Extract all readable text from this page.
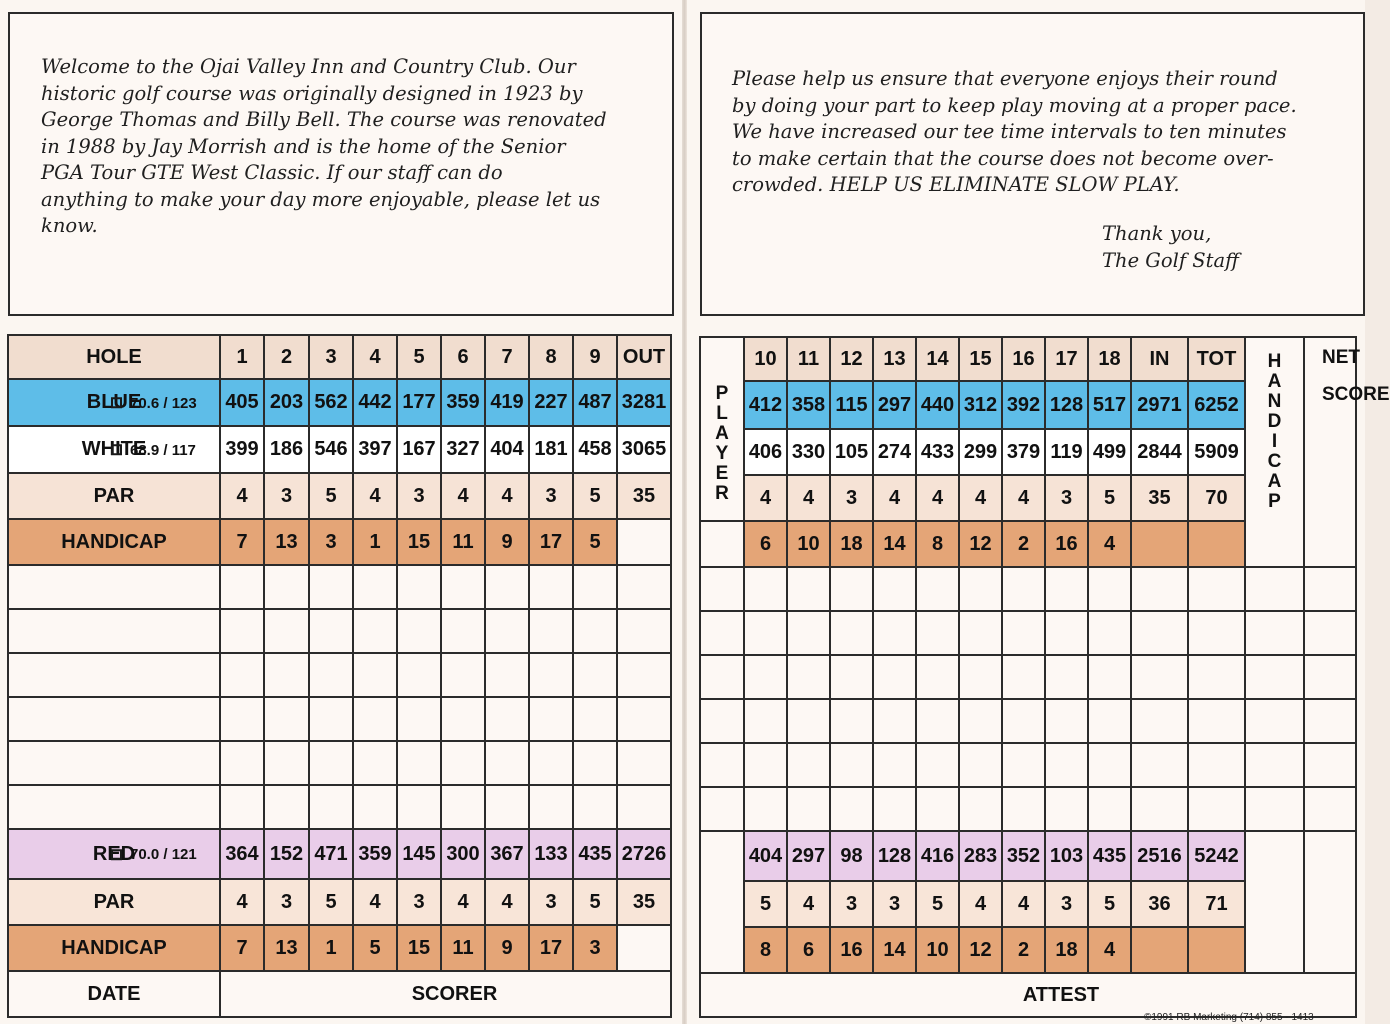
Welcome to the Ojai Valley Inn and Country Club. Our
historic golf course was originally designed in 1923 by
George Thomas and Billy Bell. The course was renovated
in 1988 by Jay Morrish and is the home of the Senior
PGA Tour GTE West Classic. If our staff can do
anything to make your day more enjoyable, please let us
know.
Please help us ensure that everyone enjoys their round
by doing your part to keep play moving at a proper pace.
We have increased our tee time intervals to ten minutes
to make certain that the course does not become over-
crowded. HELP US ELIMINATE SLOW PLAY.
Thank you,
The Golf Staff
HOLE	1	2	3	4	5	6	7	8	9	OUT
BLUE
70.6 / 123	405	203	562	442	177	359	419	227	487	3281
WHITE
68.9 / 117	399	186	546	397	167	327	404	181	458	3065
PAR	4	3	5	4	3	4	4	3	5	35
HANDICAP	7	13	3	1	15	11	9	17	5	

RED
70.0 / 121	364	152	471	359	145	300	367	133	435	2726
PAR	4	3	5	4	3	4	4	3	5	35
HANDICAP	7	13	1	5	15	11	9	17	3	
DATE	SCORER									
PLAYER	10	11	12	13	14	15	16	17	18	IN	TOT	HANDICAP	NET
SCORE
	412	358	115	297	440	312	392	128	517	2971	6252		
	406	330	105	274	433	299	379	119	499	2844	5909		
	4	4	3	4	4	4	4	3	5	35	70		
	6	10	18	14	8	12	2	16	4				

	404	297	98	128	416	283	352	103	435	2516	5242		
	5	4	3	3	5	4	4	3	5	36	71		
	8	6	16	14	10	12	2	18	4				
ATTEST													
©1991 RB Marketing (714) 855 - 1413
